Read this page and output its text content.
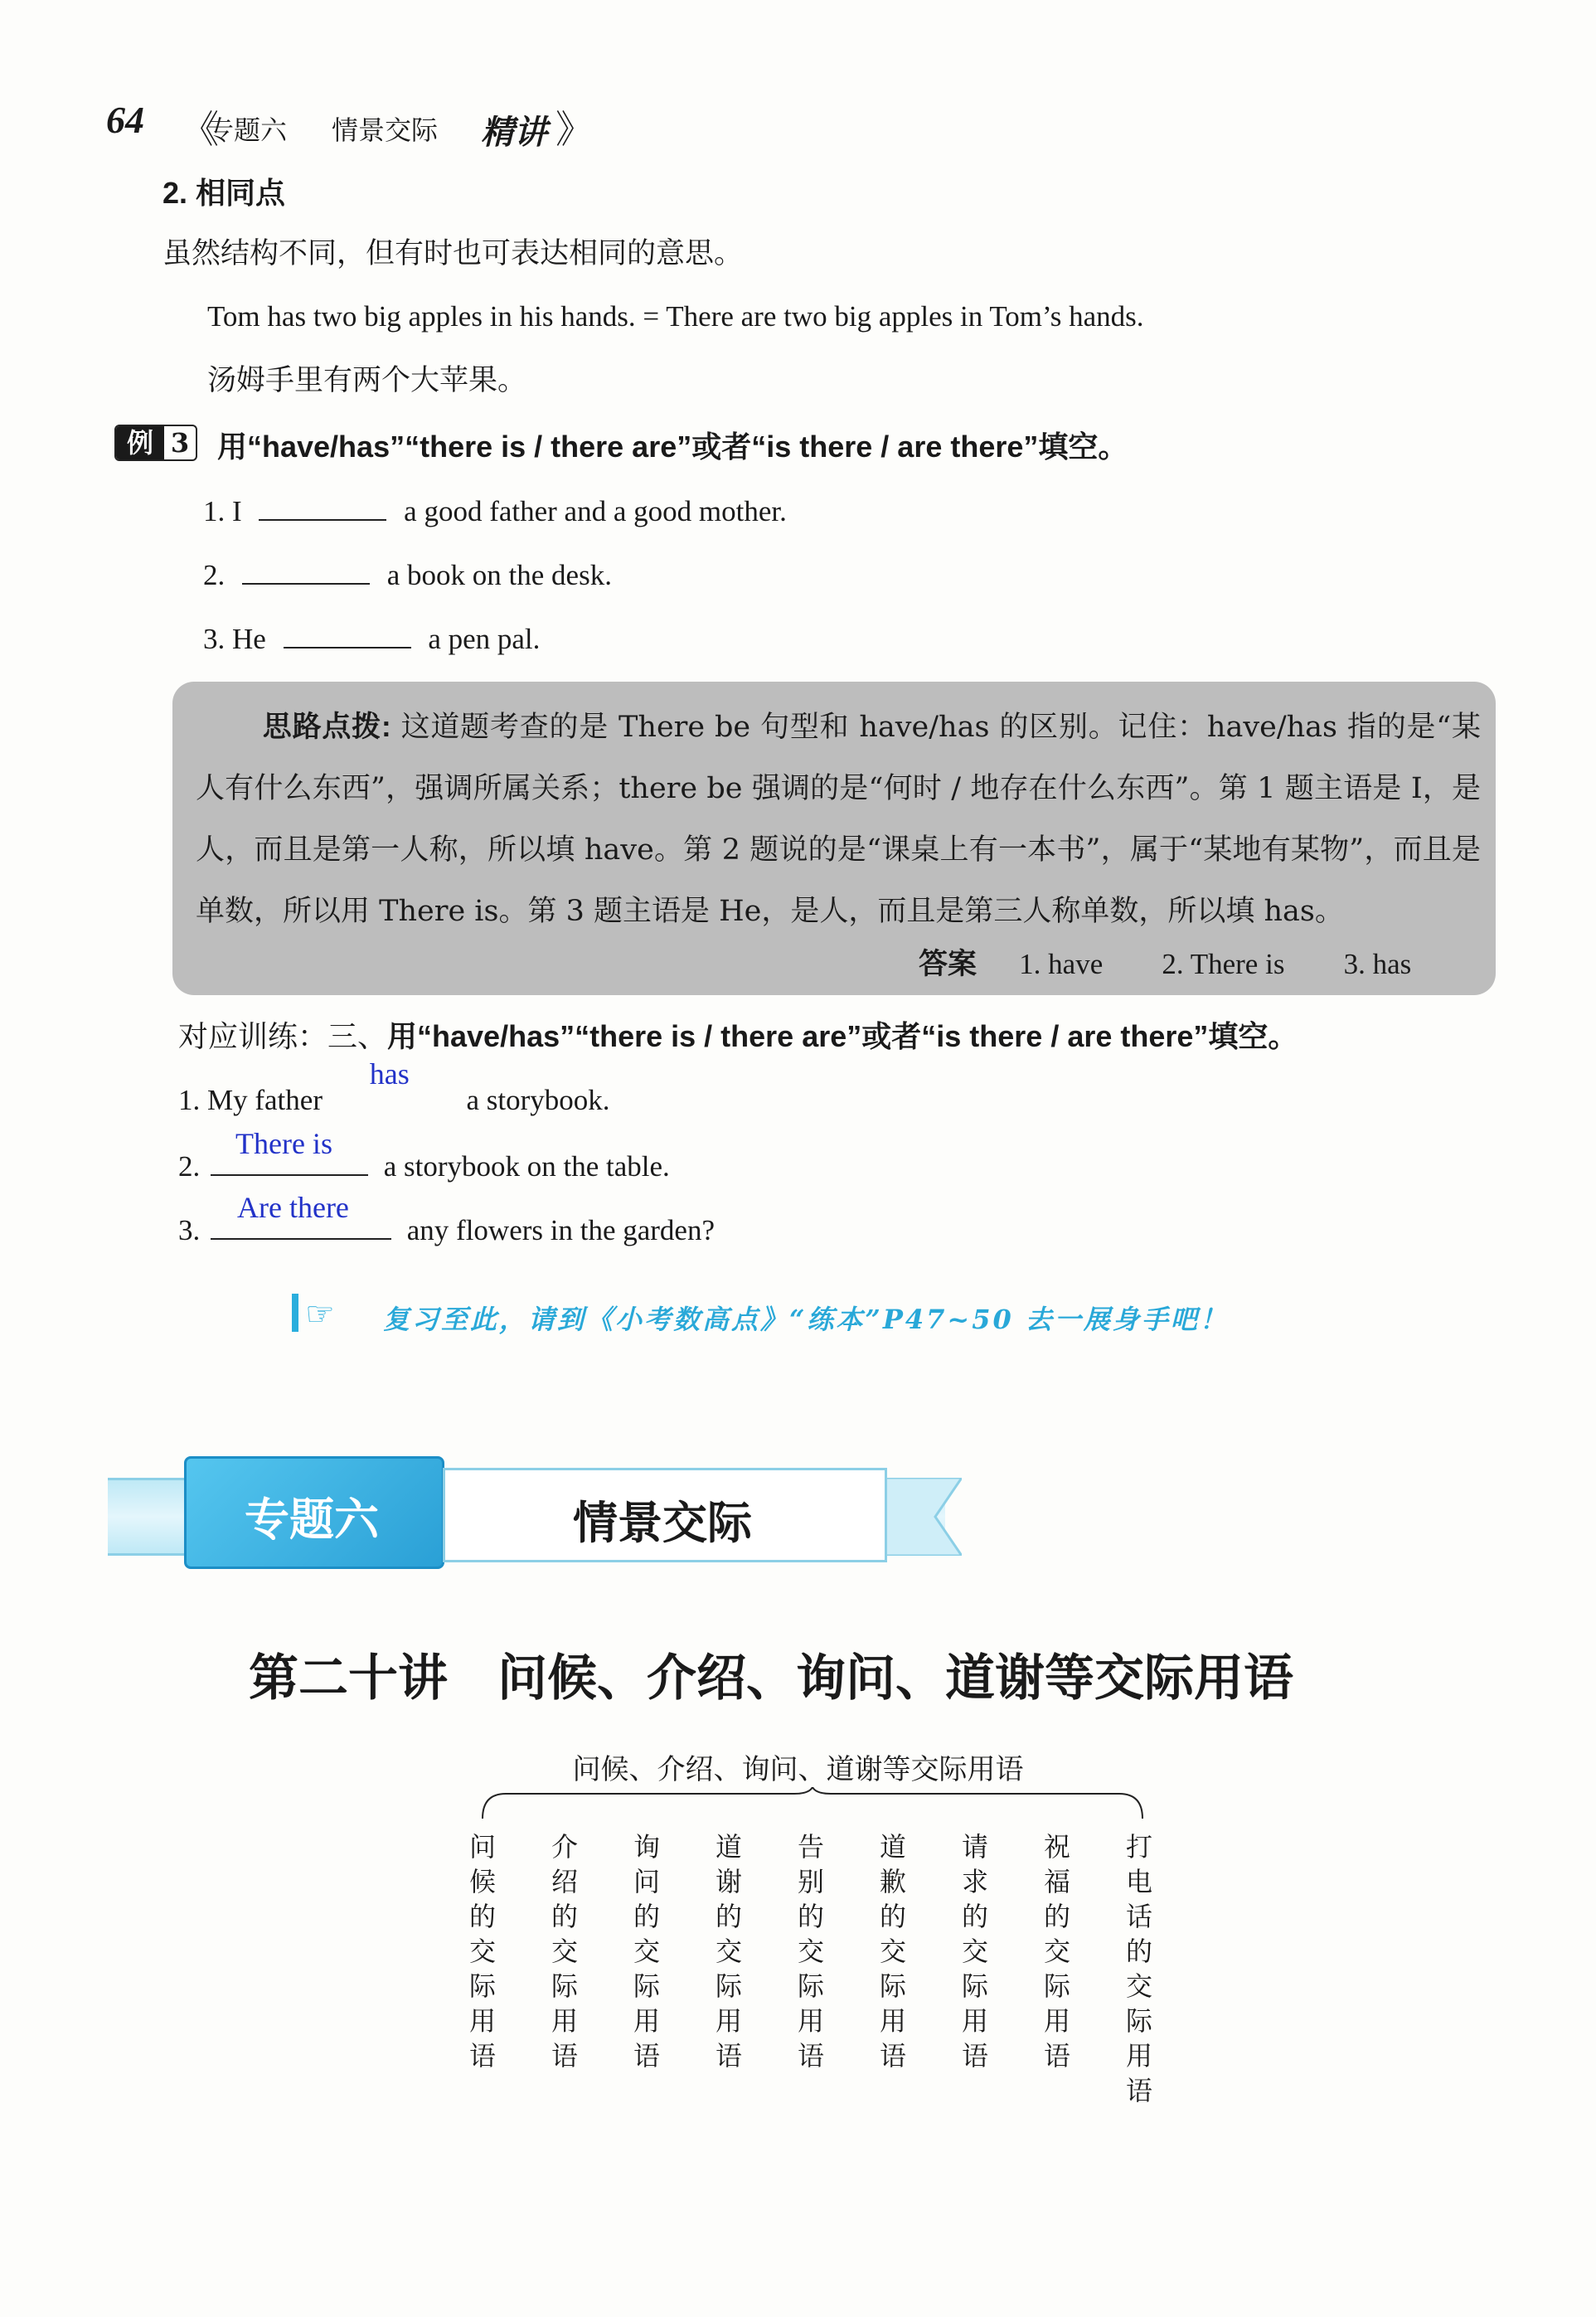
64 《
专题六 情景交际 精讲 》
2. 相同点
虽然结构不同，但有时也可表达相同的意思。
Tom has two big apples in his hands. = There are two big apples in Tom’s hands.
汤姆手里有两个大苹果。
例 3 用“have/has”“there is / there are”或者“is there / are there”填空。
1. I	a good father and a good mother.
2.	a book on the desk.
3. He	a pen pal.
思路点拨: 这道题考查的是 There be 句型和 have/has 的区别。记住：have/has 指的是“某人有什么东西”，强调所属关系；there be 强调的是“何时 / 地存在什么东西”。第 1 题主语是 I，是人，而且是第一人称，所以填 have。第 2 题说的是“课桌上有一本书”，属于“某地有某物”，而且是单数，所以用 There is。第 3 题主语是 He，是人，而且是第三人称单数，所以填 has。
答案 1. have 2. There is 3. has
对应训练：三、用“have/has”“there is / there are”或者“is there / are there”填空。
1. My father
has
a storybook.
2.
There is
a storybook on the table.
3.
Are there
any flowers in the garden?
☞ 复习至此，请到《小考数高点》“练本”P47~50 去一展身手吧！
专题六	情景交际
第二十讲　问候、介绍、询问、道谢等交际用语
问候、介绍、询问、道谢等交际用语
问候的交际用语
介绍的交际用语
询问的交际用语
道谢的交际用语
告别的交际用语
道歉的交际用语
请求的交际用语
祝福的交际用语
打电话的交际用语
